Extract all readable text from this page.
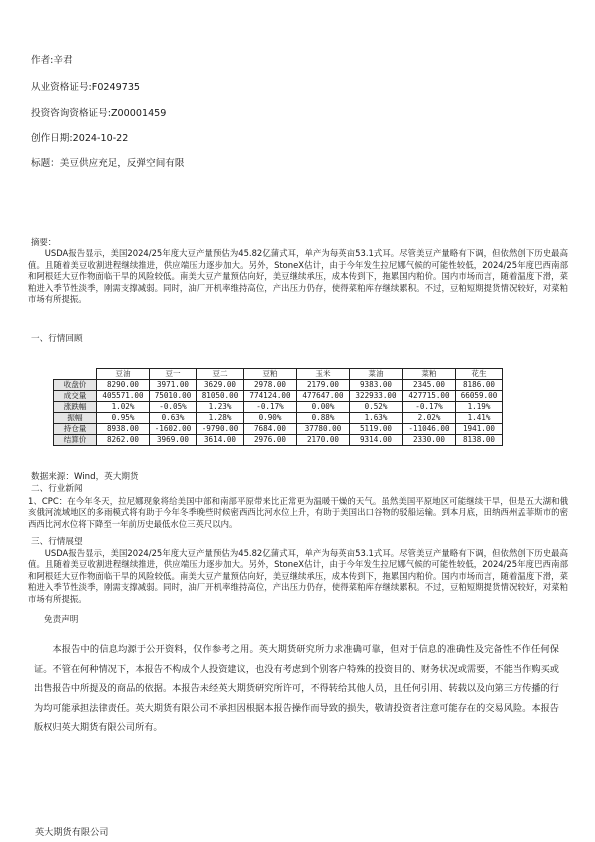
作者:辛君
从业资格证号:F0249735
投资咨询资格证号:Z00001459
创作日期:2024-10-22
标题：美豆供应充足，反弹空间有限
摘要：

USDA报告显示，美国2024/25年度大豆产量预估为45.82亿蒲式耳，单产为每英亩53.1式耳。尽管美豆产量略有下调，但依然创下历史最高值。且随着美豆收割进程继续推进，供应端压力逐步加大。另外，StoneX估计，由于今年发生拉尼娜气候的可能性较低，2024/25年度巴西南部和阿根廷大豆作物面临干旱的风险较低。南美大豆产量预估向好，美豆继续承压，成本传到下，拖累国内粕价。国内市场而言，随着温度下滑，菜粕进入季节性淡季，刚需支撑减弱。同时，油厂开机率维持高位，产出压力仍存，使得菜粕库存继续累积。不过，豆粕短期提货情况较好，对菜粕市场有所提振。

一、行情回顾
	豆油	豆一	豆二	豆粕	玉米	菜油	菜粕	花生
收盘价	8290.00	3971.00	3629.00	2978.00	2179.00	9383.00	2345.00	8186.00
成交量	405571.00	75010.00	81050.00	774124.00	477647.00	322933.00	427715.00	66059.00
涨跌幅	1.02%	-0.05%	1.23%	-0.17%	0.00%	0.52%	-0.17%	1.19%
振幅	0.95%	0.63%	1.28%	0.90%	0.88%	1.63%	2.02%	1.41%
持仓量	8938.00	-1602.00	-9790.00	7684.00	37780.00	5119.00	-11046.00	1941.00
结算价	8262.00	3969.00	3614.00	2976.00	2170.00	9314.00	2330.00	8138.00
数据来源：Wind，英大期货
二、行业新闻

1、CPC：在今年冬天，拉尼娜现象将给美国中部和南部平原带来比正常更为温暖干燥的天气。虽然美国平原地区可能继续干旱，但是五大湖和俄亥俄河流域地区的多雨模式将有助于今年冬季晚些时候密西西比河水位上升，有助于美国出口谷物的驳船运输。到本月底，田纳西州孟菲斯市的密西西比河水位将下降至一年前历史最低水位三英尺以内。

三、行情展望

USDA报告显示，美国2024/25年度大豆产量预估为45.82亿蒲式耳，单产为每英亩53.1式耳。尽管美豆产量略有下调，但依然创下历史最高值。且随着美豆收割进程继续推进，供应端压力逐步加大。另外，StoneX估计，由于今年发生拉尼娜气候的可能性较低，2024/25年度巴西南部和阿根廷大豆作物面临干旱的风险较低。南美大豆产量预估向好，美豆继续承压，成本传到下，拖累国内粕价。国内市场而言，随着温度下滑，菜粕进入季节性淡季，刚需支撑减弱。同时，油厂开机率维持高位，产出压力仍存，使得菜粕库存继续累积。不过，豆粕短期提货情况较好，对菜粕市场有所提振。

免责声明

本报告中的信息均源于公开资料，仅作参考之用。英大期货研究所力求准确可靠，但对于信息的准确性及完备性不作任何保证。不管在何种情况下，本报告不构成个人投资建议，也没有考虑到个别客户特殊的投资目的、财务状况或需要，不能当作购买或出售报告中所提及的商品的依据。本报告未经英大期货研究所许可，不得转给其他人员，且任何引用、转载以及向第三方传播的行为均可能承担法律责任。英大期货有限公司不承担因根据本报告操作而导致的损失，敬请投资者注意可能存在的交易风险。本报告版权归英大期货有限公司所有。

英大期货有限公司
